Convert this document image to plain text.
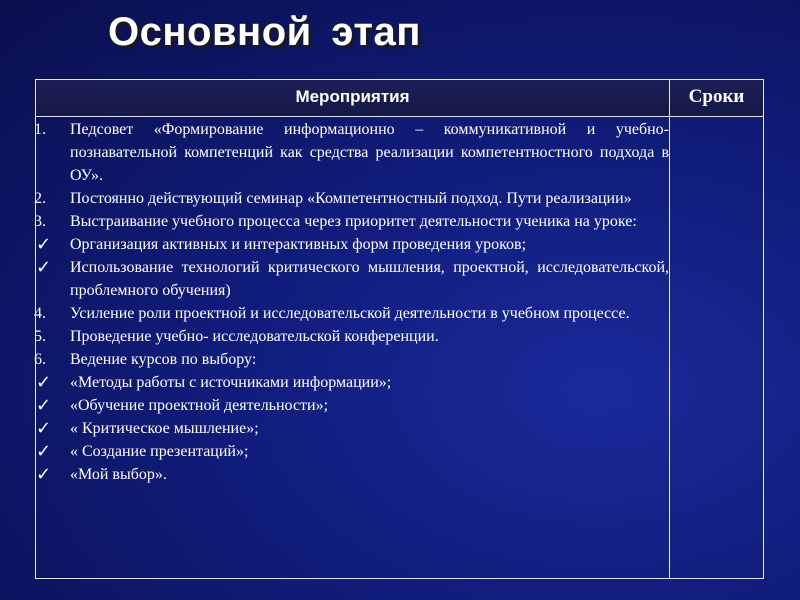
Основной этап
Мероприятия	Сроки
1.	Педсовет «Формирование информационно – коммуникативной и учебно-познавательной компетенций как средства реализации компетентностного подхода в ОУ».
2.	Постоянно действующий семинар «Компетентностный подход. Пути реализации»
3.	Выстраивание учебного процесса через приоритет деятельности ученика на уроке:
✓	Организация активных и интерактивных форм проведения уроков;
✓	Использование технологий критического мышления, проектной, исследовательской, проблемного обучения)
4.	Усиление роли проектной и исследовательской деятельности в учебном процессе.
5.	Проведение учебно- исследовательской конференции.
6.	Ведение курсов по выбору:
✓	«Методы работы с источниками информации»;
✓	«Обучение проектной деятельности»;
✓	« Критическое мышление»;
✓	« Создание презентаций»;
✓	«Мой выбор».
